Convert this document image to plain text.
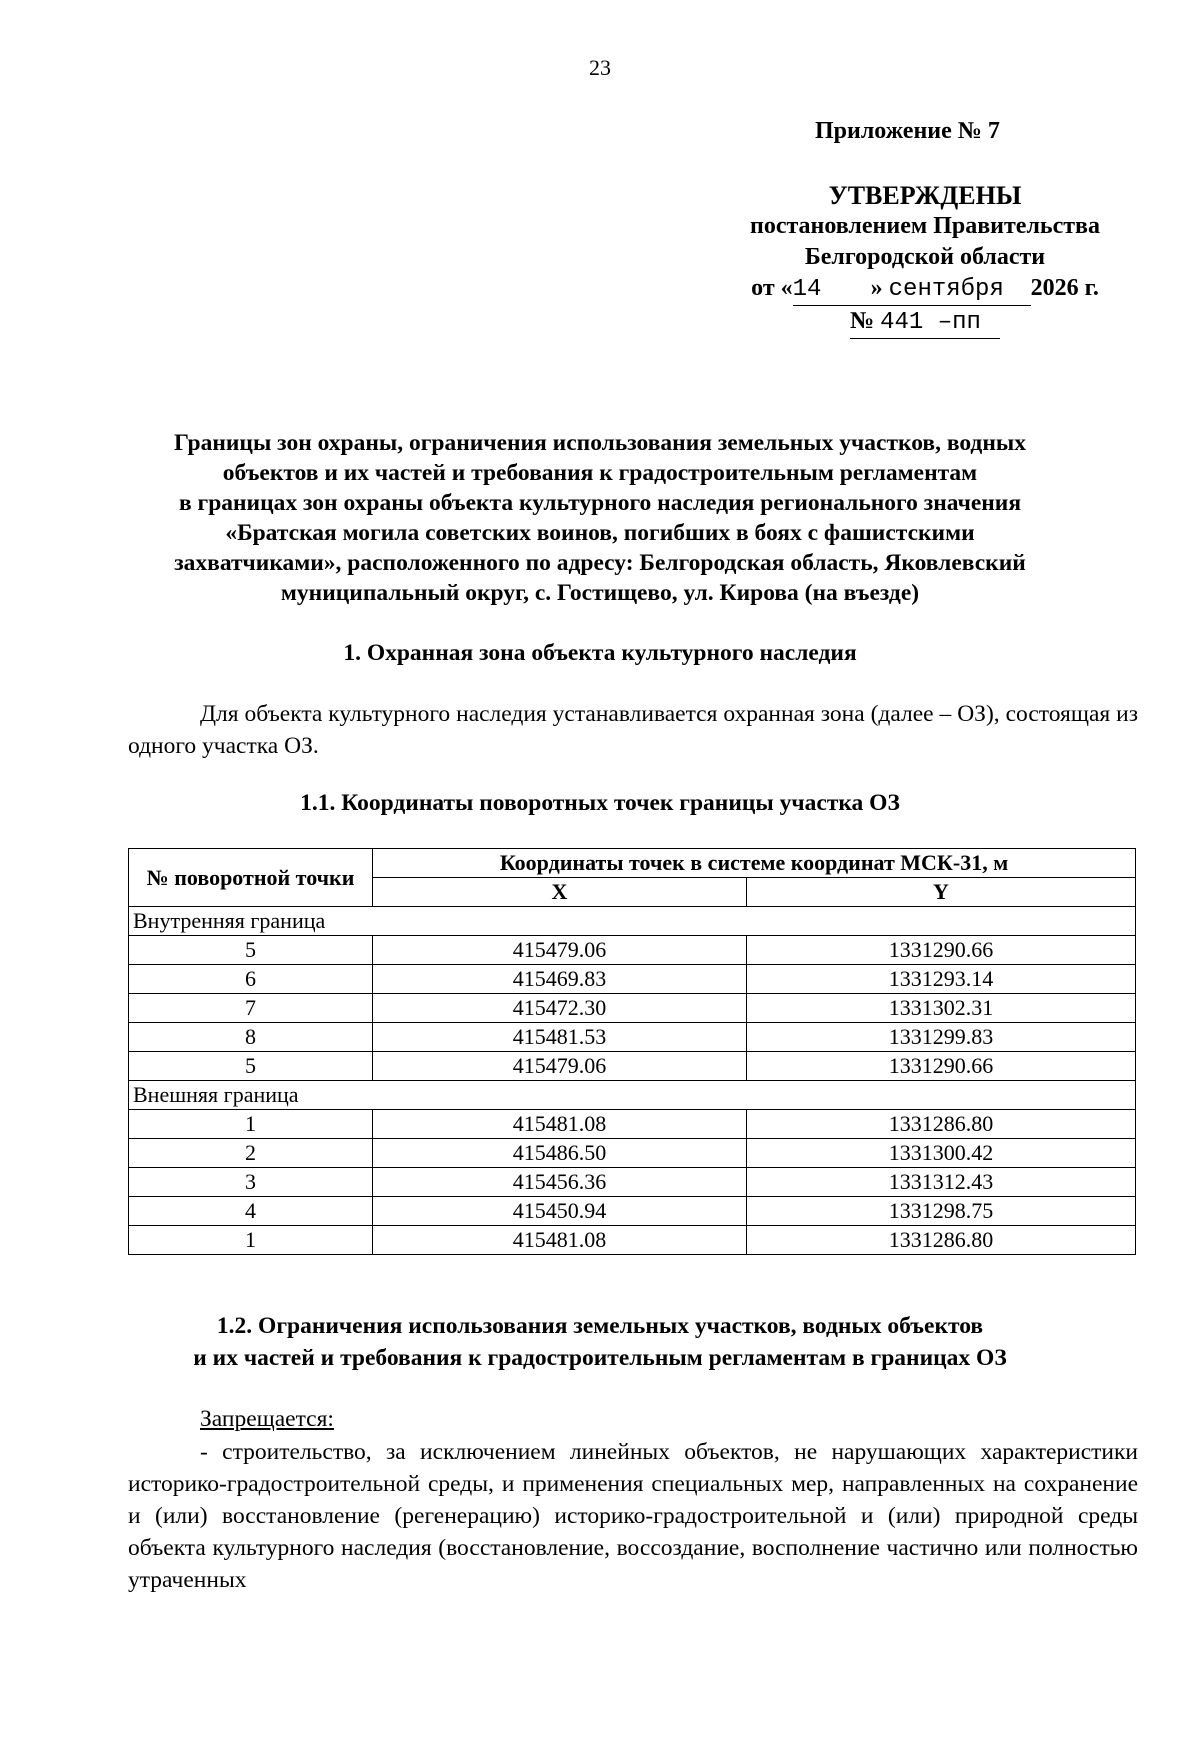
23
Приложение № 7
УТВЕРЖДЕНЫ
постановлением Правительства
Белгородской области
от «14 » сентября 2026 г.
№ 441 –пп
Границы зон охраны, ограничения использования земельных участков, водных
объектов и их частей и требования к градостроительным регламентам
в границах зон охраны объекта культурного наследия регионального значения
«Братская могила советских воинов, погибших в боях с фашистскими
захватчиками», расположенного по адресу: Белгородская область, Яковлевский
муниципальный округ, с. Гостищево, ул. Кирова (на въезде)
1. Охранная зона объекта культурного наследия
Для объекта культурного наследия устанавливается охранная зона (далее – ОЗ), состоящая из одного участка ОЗ.
1.1. Координаты поворотных точек границы участка ОЗ
№ поворотной точки	Координаты точек в системе координат МСК-31, м	
	X	Y
Внутренняя граница		
5	415479.06	1331290.66
6	415469.83	1331293.14
7	415472.30	1331302.31
8	415481.53	1331299.83
5	415479.06	1331290.66
Внешняя граница		
1	415481.08	1331286.80
2	415486.50	1331300.42
3	415456.36	1331312.43
4	415450.94	1331298.75
1	415481.08	1331286.80
1.2. Ограничения использования земельных участков, водных объектов
и их частей и требования к градостроительным регламентам в границах ОЗ
Запрещается:
- строительство, за исключением линейных объектов, не нарушающих характеристики историко-градостроительной среды, и применения специальных мер, направленных на сохранение и (или) восстановление (регенерацию) историко-градостроительной и (или) природной среды объекта культурного наследия (восстановление, воссоздание, восполнение частично или полностью утраченных
